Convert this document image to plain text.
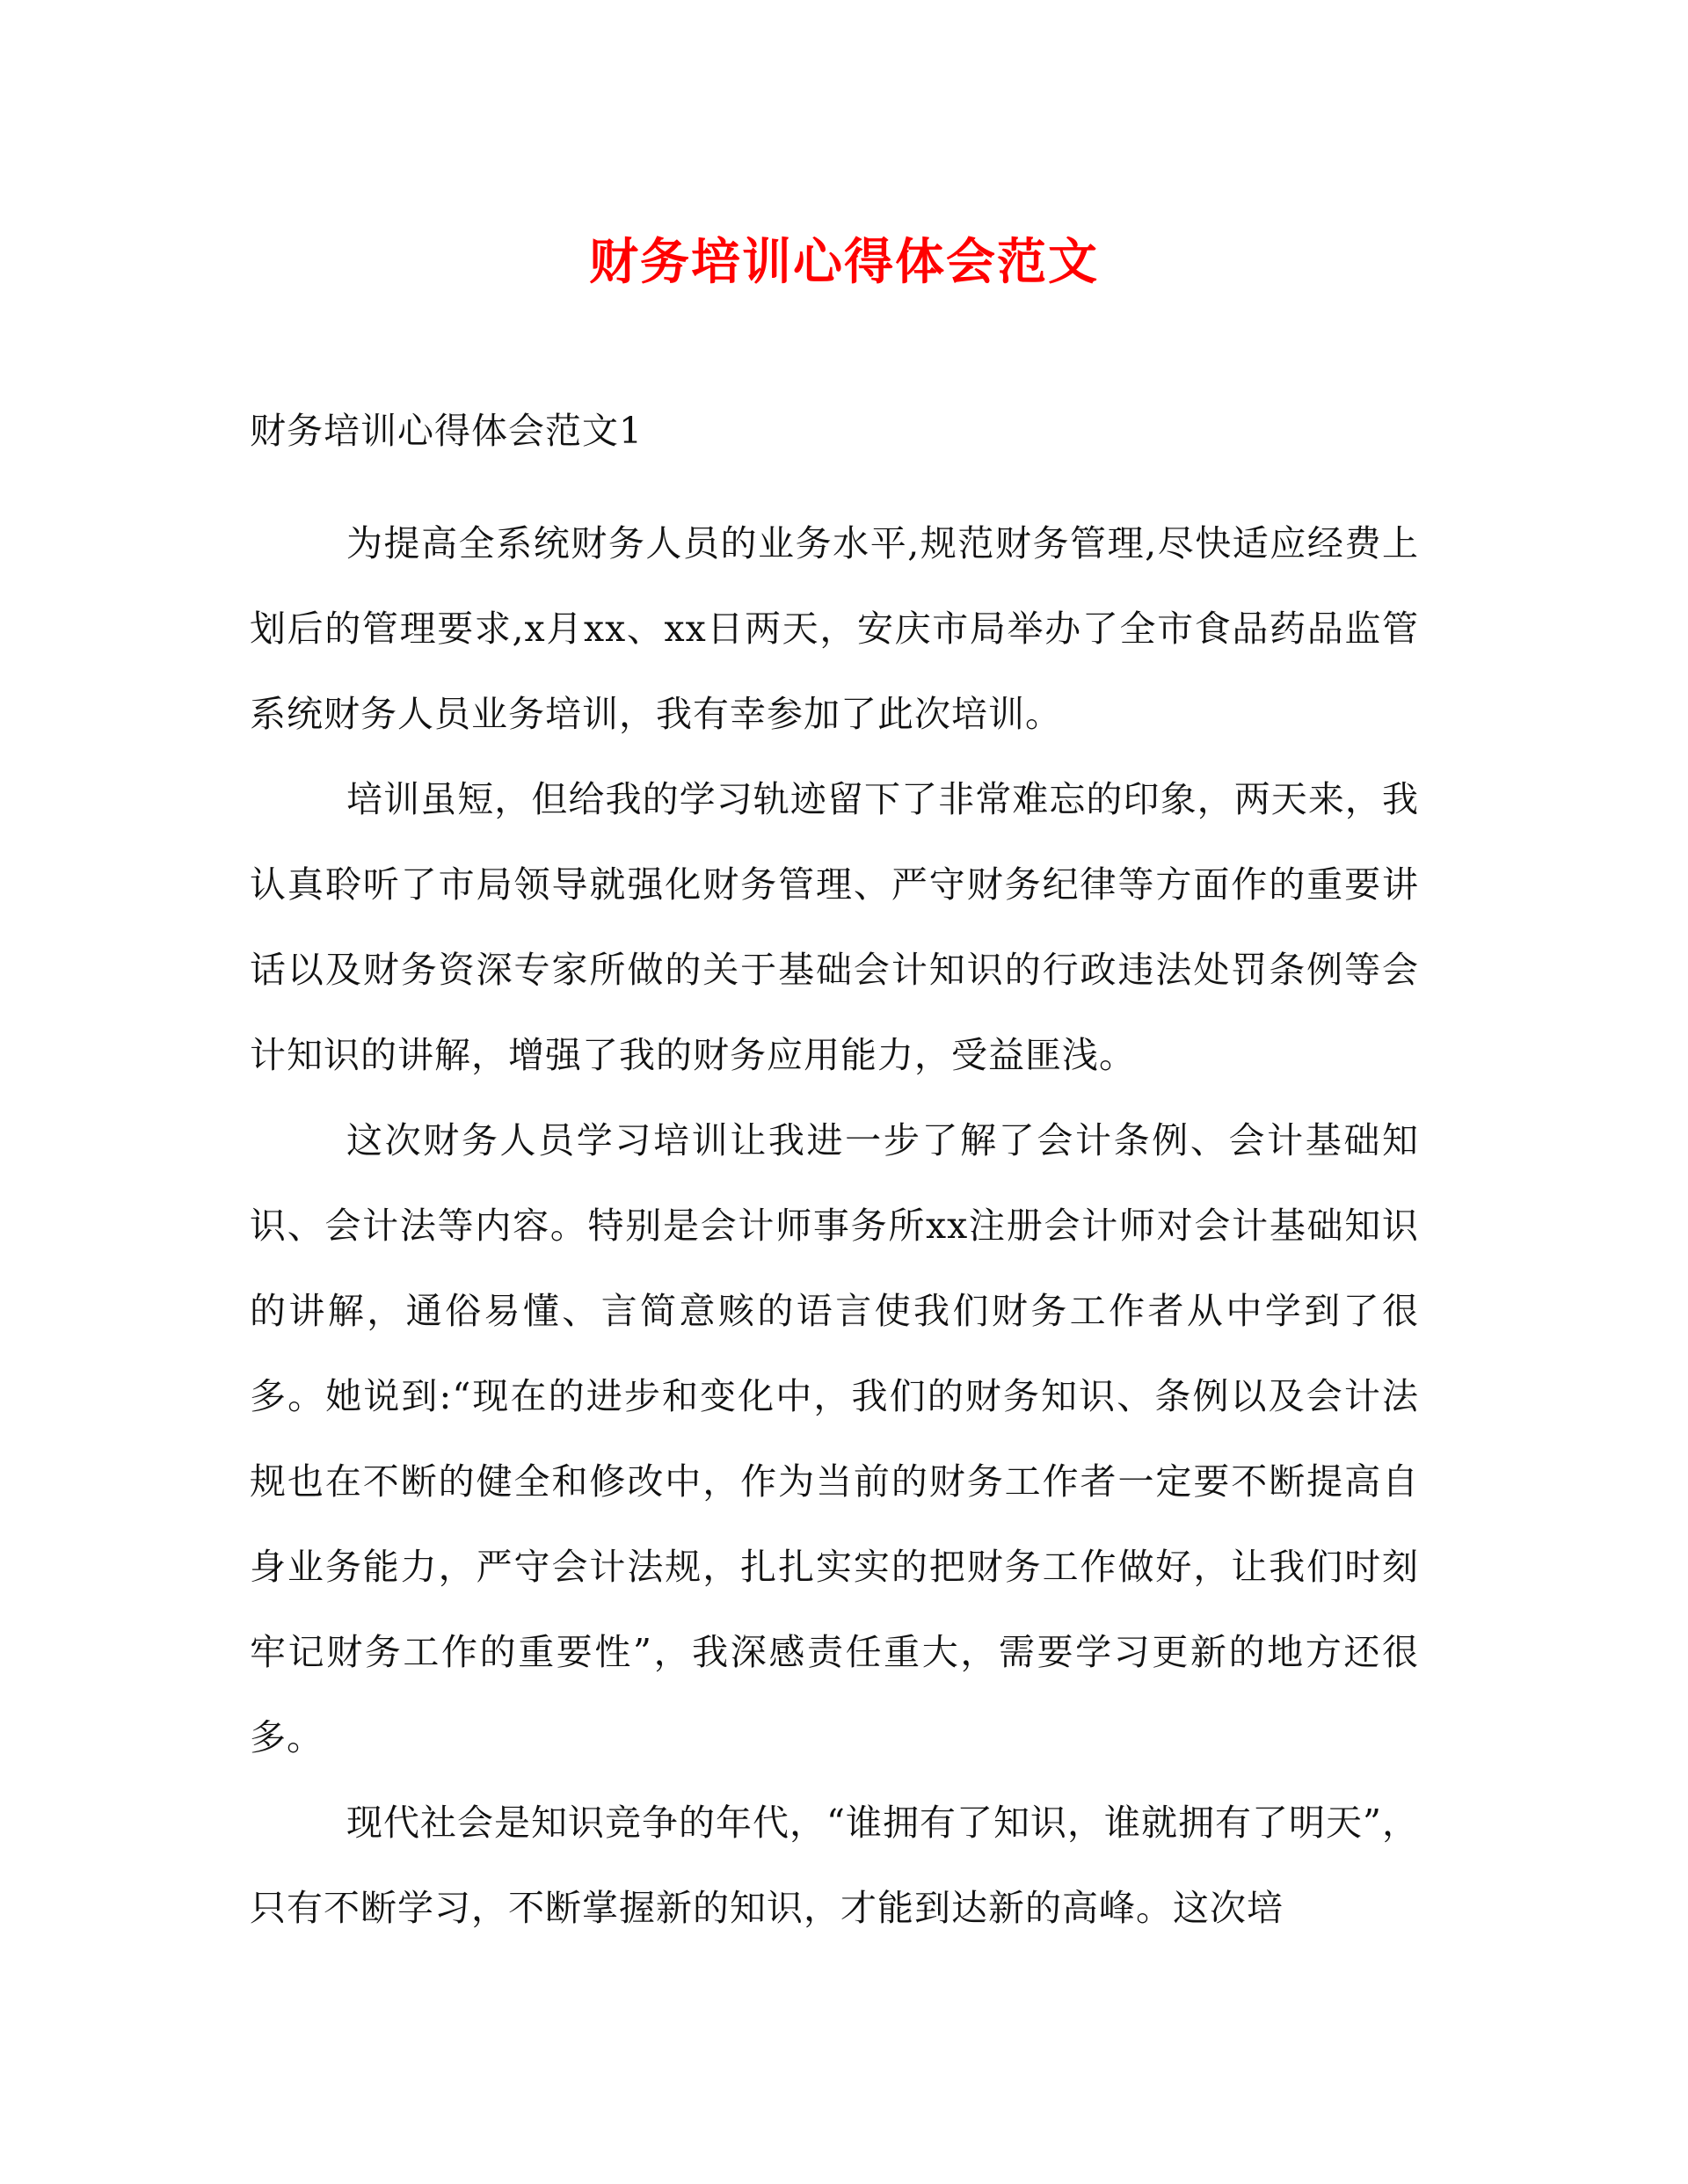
财务培训心得体会范文

财务培训心得体会范文1

为提高全系统财务人员的业务水平,规范财务管理,尽快适应经费上划后的管理要求,x月xx、xx日两天，安庆市局举办了全市食品药品监管系统财务人员业务培训，我有幸参加了此次培训。

培训虽短，但给我的学习轨迹留下了非常难忘的印象，两天来，我认真聆听了市局领导就强化财务管理、严守财务纪律等方面作的重要讲话以及财务资深专家所做的关于基础会计知识的行政违法处罚条例等会计知识的讲解，增强了我的财务应用能力，受益匪浅。

这次财务人员学习培训让我进一步了解了会计条例、会计基础知识、会计法等内容。特别是会计师事务所xx注册会计师对会计基础知识的讲解，通俗易懂、言简意赅的语言使我们财务工作者从中学到了很多。她说到:“现在的进步和变化中，我们的财务知识、条例以及会计法规也在不断的健全和修改中，作为当前的财务工作者一定要不断提高自身业务能力，严守会计法规，扎扎实实的把财务工作做好，让我们时刻牢记财务工作的重要性”，我深感责任重大，需要学习更新的地方还很多。

现代社会是知识竞争的年代，“谁拥有了知识，谁就拥有了明天”，只有不断学习，不断掌握新的知识，才能到达新的高峰。这次培
